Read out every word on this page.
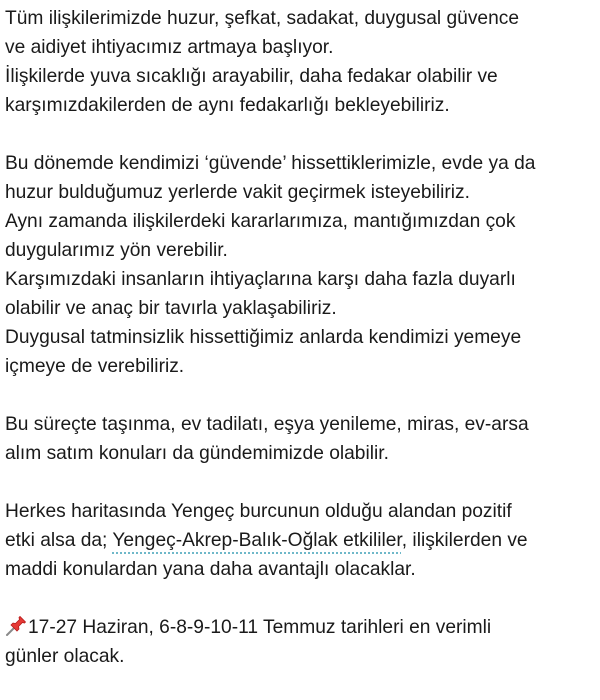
Tüm ilişkilerimizde huzur, şefkat, sadakat, duygusal güvence
ve aidiyet ihtiyacımız artmaya başlıyor.
İlişkilerde yuva sıcaklığı arayabilir, daha fedakar olabilir ve
karşımızdakilerden de aynı fedakarlığı bekleyebiliriz.
Bu dönemde kendimizi ‘güvende’ hissettiklerimizle, evde ya da
huzur bulduğumuz yerlerde vakit geçirmek isteyebiliriz.
Aynı zamanda ilişkilerdeki kararlarımıza, mantığımızdan çok
duygularımız yön verebilir.
Karşımızdaki insanların ihtiyaçlarına karşı daha fazla duyarlı
olabilir ve anaç bir tavırla yaklaşabiliriz.
Duygusal tatminsizlik hissettiğimiz anlarda kendimizi yemeye
içmeye de verebiliriz.
Bu süreçte taşınma, ev tadilatı, eşya yenileme, miras, ev-arsa
alım satım konuları da gündemimizde olabilir.
Herkes haritasında Yengeç burcunun olduğu alandan pozitif
etki alsa da; Yengeç-Akrep-Balık-Oğlak etkililer, ilişkilerden ve
maddi konulardan yana daha avantajlı olacaklar.
17-27 Haziran, 6-8-9-10-11 Temmuz tarihleri en verimli
günler olacak.
